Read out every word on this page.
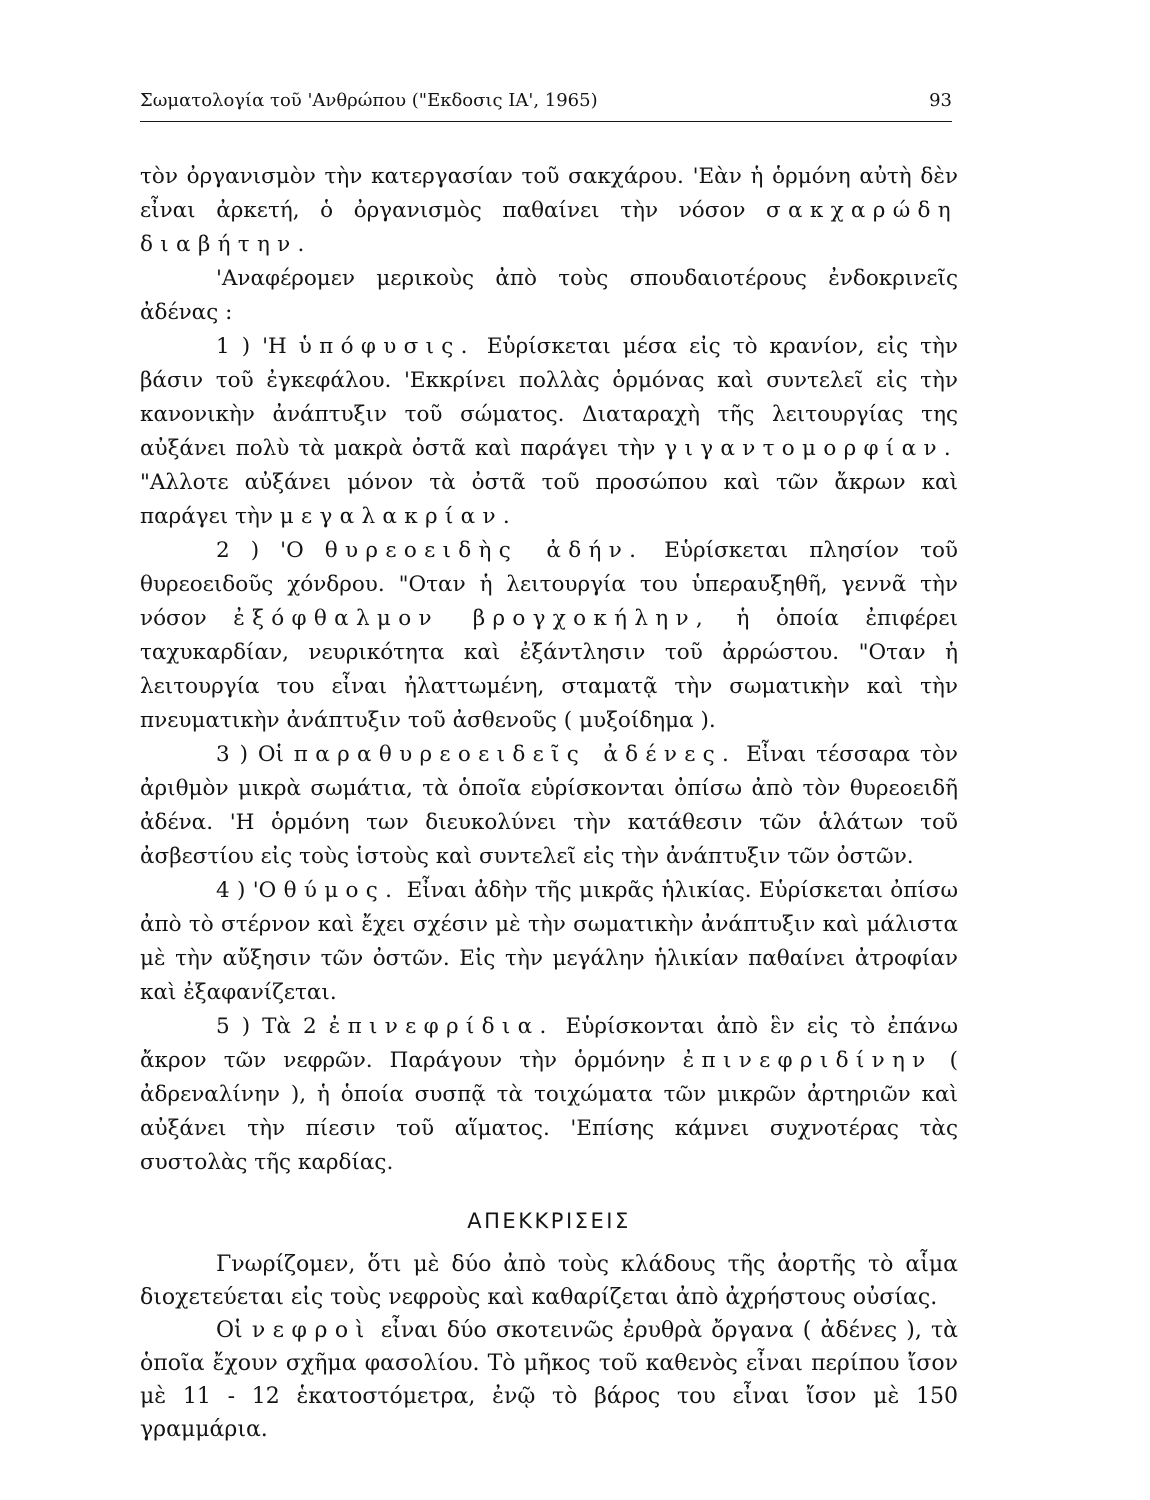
Σωματολογία τοῦ 'Ανθρώπου ("Εκδοσις ΙΑ', 1965)	93

τὸν ὀργανισμὸν τὴν κατεργασίαν τοῦ σακχάρου. 'Εὰν ἡ ὁρμόνη αὐτὴ δὲν εἶναι ἀρκετή, ὁ ὀργανισμὸς παθαίνει τὴν νόσον σακχαρώδη διαβήτην.

'Αναφέρομεν μερικοὺς ἀπὸ τοὺς σπουδαιοτέρους ἐνδοκρινεῖς ἀδένας :

1 ) 'Η ὑπόφυσις. Εὑρίσκεται μέσα εἰς τὸ κρανίον, εἰς τὴν βάσιν τοῦ ἐγκεφάλου. 'Εκκρίνει πολλὰς ὁρμόνας καὶ συντελεῖ εἰς τὴν κανονικὴν ἀνάπτυξιν τοῦ σώματος. Διαταραχὴ τῆς λειτουργίας της αὐξάνει πολὺ τὰ μακρὰ ὀστᾶ καὶ παράγει τὴν γιγαντομορφίαν. "Αλλοτε αὐξάνει μόνον τὰ ὀστᾶ τοῦ προσώπου καὶ τῶν ἄκρων καὶ παράγει τὴν μεγαλακρίαν.

2 ) 'Ο θυρεοειδὴς ἀδήν. Εὑρίσκεται πλησίον τοῦ θυρεοειδοῦς χόνδρου. "Οταν ἡ λειτουργία του ὑπεραυξηθῆ, γεννᾶ τὴν νόσον ἐξόφθαλμον βρογχοκήλην, ἡ ὁποία ἐπιφέρει ταχυκαρδίαν, νευρικότητα καὶ ἐξάντλησιν τοῦ ἀρρώστου. "Οταν ἡ λειτουργία του εἶναι ἠλαττωμένη, σταματᾷ τὴν σωματικὴν καὶ τὴν πνευματικὴν ἀνάπτυξιν τοῦ ἀσθενοῦς ( μυξοίδημα ).

3 ) Οἱ παραθυρεοειδεῖς ἀδένες. Εἶναι τέσσαρα τὸν ἀριθμὸν μικρὰ σωμάτια, τὰ ὁποῖα εὑρίσκονται ὀπίσω ἀπὸ τὸν θυρεοειδῆ ἀδένα. 'Η ὁρμόνη των διευκολύνει τὴν κατάθεσιν τῶν ἁλάτων τοῦ ἀσβεστίου εἰς τοὺς ἱστοὺς καὶ συντελεῖ εἰς τὴν ἀνάπτυξιν τῶν ὀστῶν.

4 ) 'Ο θύμος. Εἶναι ἀδὴν τῆς μικρᾶς ἡλικίας. Εὑρίσκεται ὀπίσω ἀπὸ τὸ στέρνον καὶ ἔχει σχέσιν μὲ τὴν σωματικὴν ἀνάπτυξιν καὶ μάλιστα μὲ τὴν αὔξησιν τῶν ὀστῶν. Εἰς τὴν μεγάλην ἡλικίαν παθαίνει ἀτροφίαν καὶ ἐξαφανίζεται.

5 ) Τὰ 2 ἐπινεφρίδια. Εὑρίσκονται ἀπὸ ἓν εἰς τὸ ἐπάνω ἄκρον τῶν νεφρῶν. Παράγουν τὴν ὁρμόνην ἐπινεφριδίνην ( ἀδρεναλίνην ), ἡ ὁποία συσπᾷ τὰ τοιχώματα τῶν μικρῶν ἀρτηριῶν καὶ αὐξάνει τὴν πίεσιν τοῦ αἵματος. 'Επίσης κάμνει συχνοτέρας τὰς συστολὰς τῆς καρδίας.

ΑΠΕΚΚΡΙΣΕΙΣ

Γνωρίζομεν, ὅτι μὲ δύο ἀπὸ τοὺς κλάδους τῆς ἀορτῆς τὸ αἷμα διοχετεύεται εἰς τοὺς νεφροὺς καὶ καθαρίζεται ἀπὸ ἀχρήστους οὐσίας.

Οἱ νεφροὶ εἶναι δύο σκοτεινῶς ἐρυθρὰ ὄργανα ( ἀδένες ), τὰ ὁποῖα ἔχουν σχῆμα φασολίου. Τὸ μῆκος τοῦ καθενὸς εἶναι περίπου ἴσον μὲ 11 - 12 ἑκατοστόμετρα, ἐνῷ τὸ βάρος του εἶναι ἴσον μὲ 150 γραμμάρια.
